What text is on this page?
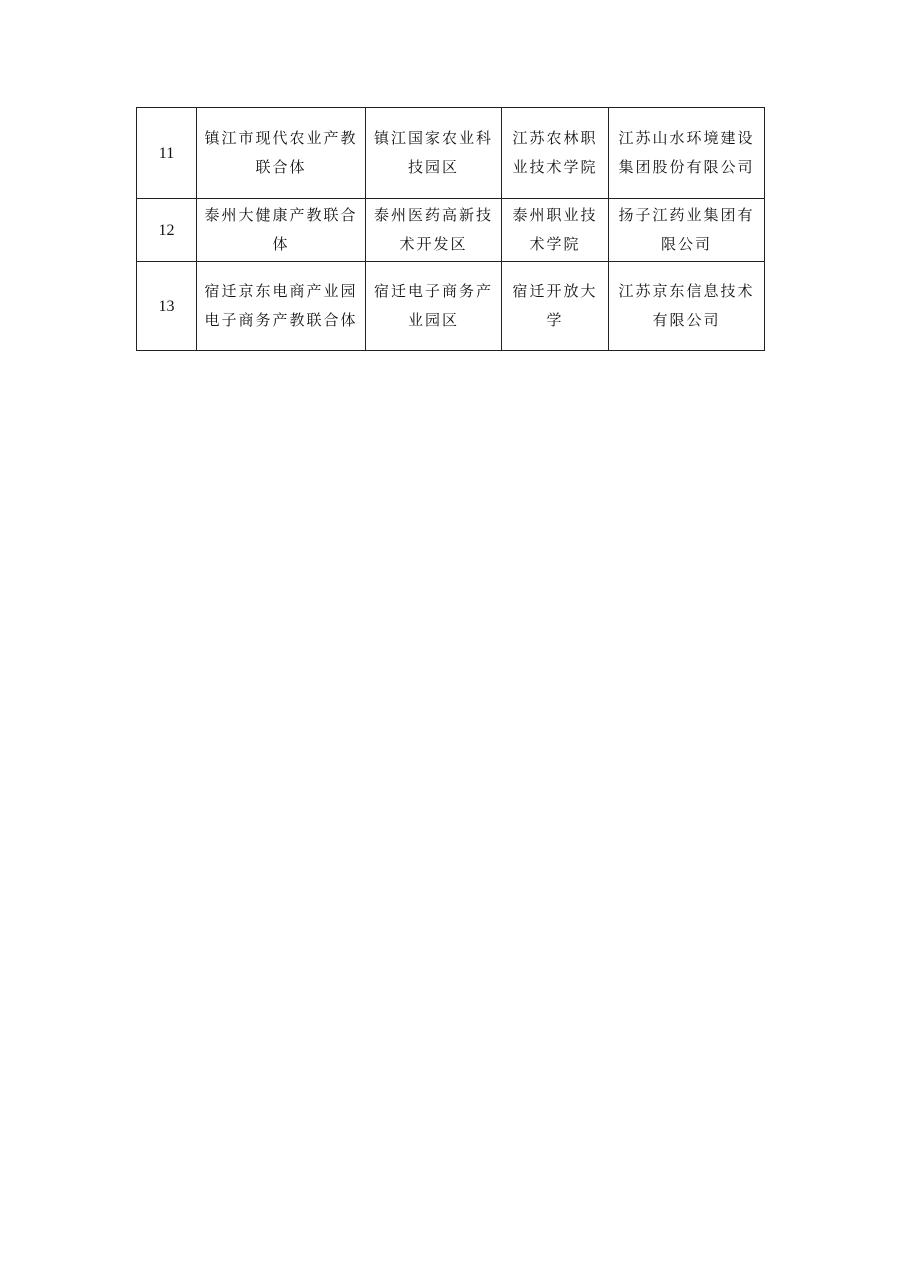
11	镇江市现代农业产教联合体	镇江国家农业科技园区	江苏农林职业技术学院	江苏山水环境建设集团股份有限公司
12	泰州大健康产教联合体	泰州医药高新技术开发区	泰州职业技术学院	扬子江药业集团有限公司
13	宿迁京东电商产业园电子商务产教联合体	宿迁电子商务产业园区	宿迁开放大学	江苏京东信息技术有限公司
